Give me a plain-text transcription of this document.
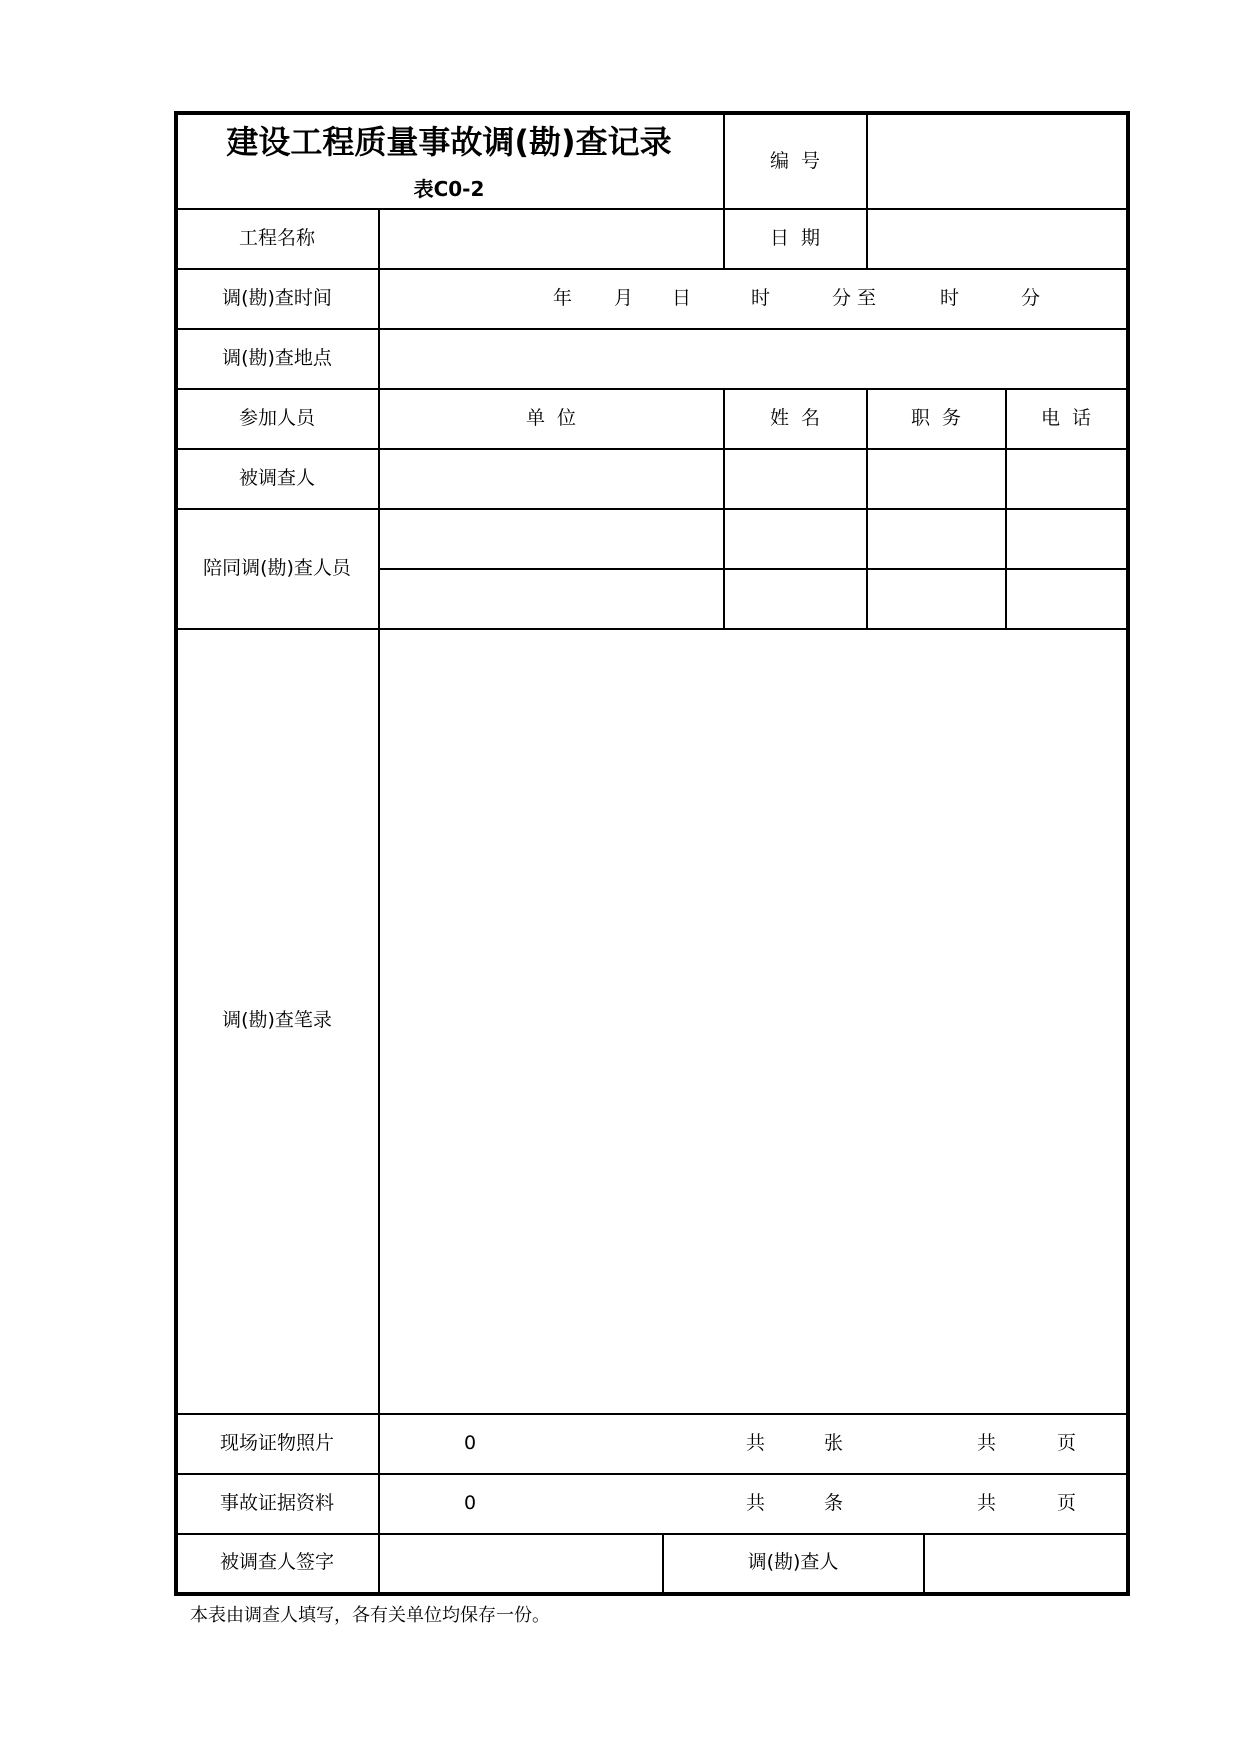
建设工程质量事故调(勘)查记录
表C0-2
编  号
工程名称	日  期
调(勘)查时间	年 月 日	时	分 至	时	分
调(勘)查地点
参加人员	单  位	姓  名	职  务	电  话
被调查人
陪同调(勘)查人员
调(勘)查笔录
现场证物照片	0	共	张	共	页
事故证据资料	0	共	条	共	页
被调查人签字	调(勘)查人
本表由调查人填写，各有关单位均保存一份。
